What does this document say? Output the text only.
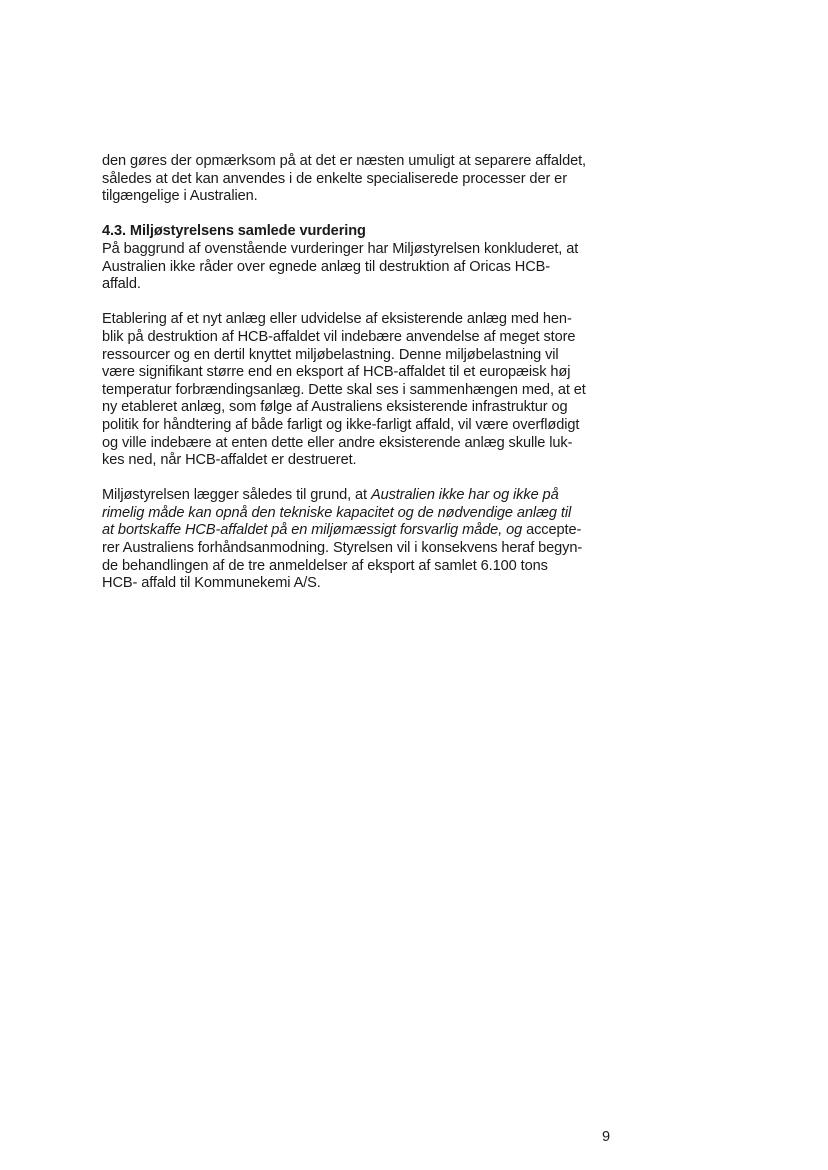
den gøres der opmærksom på at det er næsten umuligt at separere affaldet,
således at det kan anvendes i de enkelte specialiserede processer der er
tilgængelige i Australien.
4.3. Miljøstyrelsens samlede vurdering
På baggrund af ovenstående vurderinger har Miljøstyrelsen konkluderet, at
Australien ikke råder over egnede anlæg til destruktion af Oricas HCB-
affald.
Etablering af et nyt anlæg eller udvidelse af eksisterende anlæg med hen-
blik på destruktion af HCB-affaldet vil indebære anvendelse af meget store
ressourcer og en dertil knyttet miljøbelastning. Denne miljøbelastning vil
være signifikant større end en eksport af HCB-affaldet til et europæisk høj
temperatur forbrændingsanlæg. Dette skal ses i sammenhængen med, at et
ny etableret anlæg, som følge af Australiens eksisterende infrastruktur og
politik for håndtering af både farligt og ikke-farligt affald, vil være overflødigt
og ville indebære at enten dette eller andre eksisterende anlæg skulle luk-
kes ned, når HCB-affaldet er destrueret.
Miljøstyrelsen lægger således til grund, at Australien ikke har og ikke på
rimelig måde kan opnå den tekniske kapacitet og de nødvendige anlæg til
at bortskaffe HCB-affaldet på en miljømæssigt forsvarlig måde, og accepte-
rer Australiens forhåndsanmodning. Styrelsen vil i konsekvens heraf begyn-
de behandlingen af de tre anmeldelser af eksport af samlet 6.100 tons
HCB- affald til Kommunekemi A/S.
9
